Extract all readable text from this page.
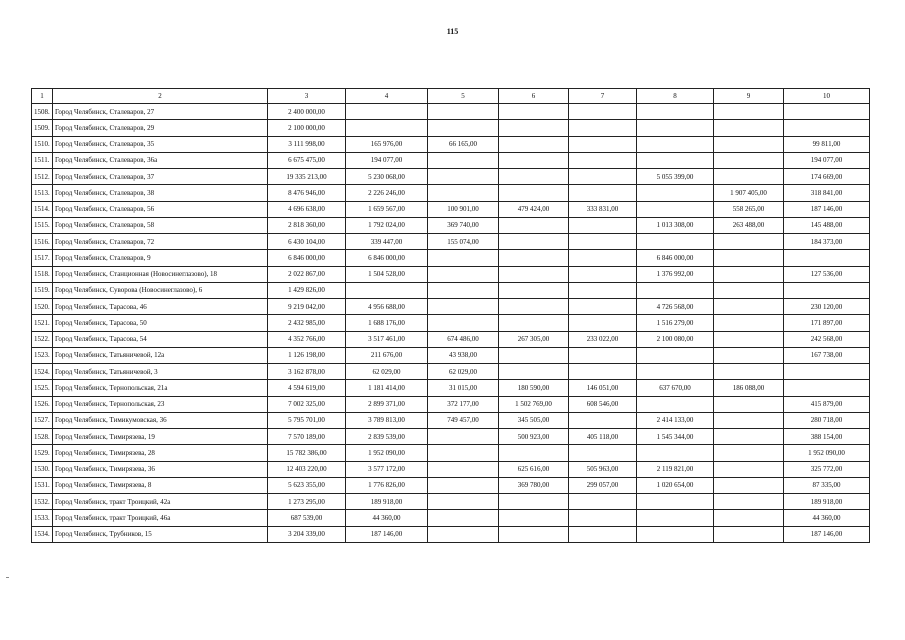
115
1	2	3	4	5	6	7	8	9	10
1508.	Город Челябинск, Сталеваров, 27	2 400 000,00							
1509.	Город Челябинск, Сталеваров, 29	2 100 000,00							
1510.	Город Челябинск, Сталеваров, 35	3 111 998,00	165 976,00	66 165,00					99 811,00
1511.	Город Челябинск, Сталеваров, 36а	6 675 475,00	194 077,00						194 077,00
1512.	Город Челябинск, Сталеваров, 37	19 335 213,00	5 230 068,00				5 055 399,00		174 669,00
1513.	Город Челябинск, Сталеваров, 38	8 476 946,00	2 226 246,00					1 907 405,00	318 841,00
1514.	Город Челябинск, Сталеваров, 56	4 696 638,00	1 659 567,00	100 901,00	479 424,00	333 831,00		558 265,00	187 146,00
1515.	Город Челябинск, Сталеваров, 58	2 818 360,00	1 792 024,00	369 740,00			1 013 308,00	263 488,00	145 488,00
1516.	Город Челябинск, Сталеваров, 72	6 430 104,00	339 447,00	155 074,00					184 373,00
1517.	Город Челябинск, Сталеваров, 9	6 846 000,00	6 846 000,00				6 846 000,00		
1518.	Город Челябинск, Станционная (Новосинеглазово), 18	2 022 867,00	1 504 528,00				1 376 992,00		127 536,00
1519.	Город Челябинск, Суворова (Новосинеглазово), 6	1 429 826,00							
1520.	Город Челябинск, Тарасова, 46	9 219 042,00	4 956 688,00				4 726 568,00		230 120,00
1521.	Город Челябинск, Тарасова, 50	2 432 985,00	1 688 176,00				1 516 279,00		171 897,00
1522.	Город Челябинск, Тарасова, 54	4 352 766,00	3 517 461,00	674 486,00	267 305,00	233 022,00	2 100 080,00		242 568,00
1523.	Город Челябинск, Татьяничевой, 12а	1 126 198,00	211 676,00	43 938,00					167 738,00
1524.	Город Челябинск, Татьяничевой, 3	3 162 878,00	62 029,00	62 029,00					
1525.	Город Челябинск, Тернопольская, 21а	4 594 619,00	1 181 414,00	31 015,00	180 590,00	146 051,00	637 670,00	186 088,00	
1526.	Город Челябинск, Тернопольская, 23	7 002 325,00	2 899 371,00	372 177,00	1 502 769,00	608 546,00			415 879,00
1527.	Город Челябинск, Тимикумовская, 36	5 795 701,00	3 789 813,00	749 457,00	345 505,00		2 414 133,00		280 718,00
1528.	Город Челябинск, Тимирязева, 19	7 570 189,00	2 839 539,00		500 923,00	405 118,00	1 545 344,00		388 154,00
1529.	Город Челябинск, Тимирязева, 28	15 782 386,00	1 952 090,00						1 952 090,00
1530.	Город Челябинск, Тимирязева, 36	12 403 220,00	3 577 172,00		625 616,00	505 963,00	2 119 821,00		325 772,00
1531.	Город Челябинск, Тимирязева, 8	5 623 355,00	1 776 826,00		369 780,00	299 057,00	1 020 654,00		87 335,00
1532.	Город Челябинск, тракт Троицкий, 42а	1 273 295,00	189 918,00						189 918,00
1533.	Город Челябинск, тракт Троицкий, 46а	687 539,00	44 360,00						44 360,00
1534.	Город Челябинск, Трубников, 15	3 204 339,00	187 146,00						187 146,00
